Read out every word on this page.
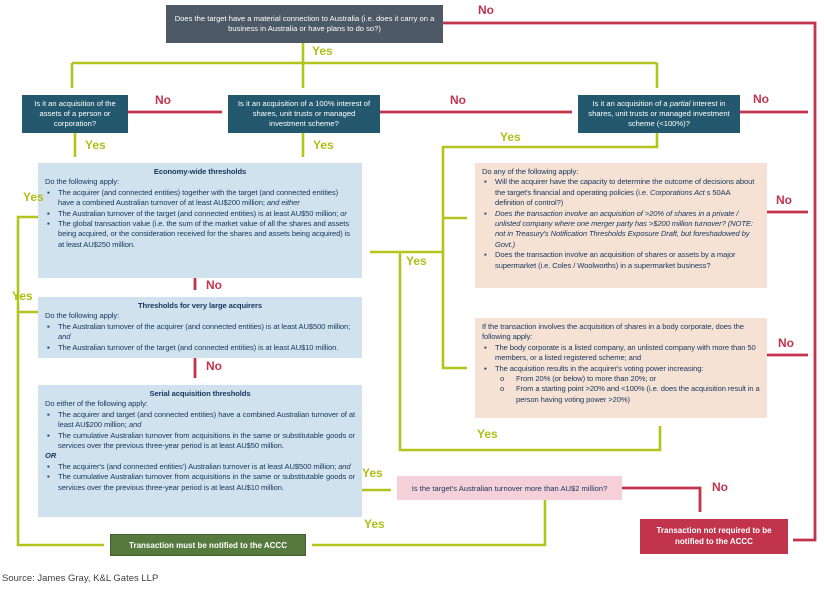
Does the target have a material connection to Australia (i.e. does it carry on a business in Australia or have plans to do so?)
Is it an acquisition of the assets of a person or corporation?
Is it an acquisition of a 100% interest of shares, unit trusts or managed investment scheme?
Is it an acquisition of a partial interest in shares, unit trusts or managed investment scheme (<100%)?
Economy-wide thresholds
Do the following apply:
▪	The acquirer (and connected entities) together with the target (and connected entities) have a combined Australian turnover of at least AU$200 million; and either
▪	The Australian turnover of the target (and connected entities) is at least AU$50 million; or
▪	The global transaction value (i.e. the sum of the market value of all the shares and assets being acquired, or the consideration received for the shares and assets being acquired) is at least AU$250 million.
Thresholds for very large acquirers
Do the following apply:
▪	The Australian turnover of the acquirer (and connected entities) is at least AU$500 million; and
▪	The Australian turnover of the target (and connected entities) is at least AU$10 million.
Serial acquisition thresholds
Do either of the following apply:
▪	The acquirer and target (and connected entities) have a combined Australian turnover of at least AU$200 million; and
▪	The cumulative Australian turnover from acquisitions in the same or substitutable goods or services over the previous three-year period is at least AU$50 million.
OR
▪	The acquirer's (and connected entities') Australian turnover is at least AU$500 million; and
▪	The cumulative Australian turnover from acquisitions in the same or substitutable goods or services over the previous three-year period is at least AU$10 million.
Do any of the following apply:
▪	Will the acquirer have the capacity to determine the outcome of decisions about the target's financial and operating policies (i.e. Corporations Act s 50AA definition of control?)
▪	Does the transaction involve an acquisition of >20% of shares in a private / unlisted company where one merger party has >$200 million turnover? (NOTE: not in Treasury's Notification Thresholds Exposure Draft, but foreshadowed by Govt.)
▪	Does the transaction involve an acquisition of shares or assets by a major supermarket (i.e. Coles / Woolworths) in a supermarket business?
If the transaction involves the acquisition of shares in a body corporate, does the following apply:
▪	The body corporate is a listed company, an unlisted company with more than 50 members, or a listed registered scheme; and
▪	The acquisition results in the acquirer's voting power increasing:
o	From 20% (or below) to more than 20%; or
o	From a starting point >20% and <100% (i.e. does the acquisition result in a person having voting power >20%)
Is the target's Australian turnover more than AU$2 million?
Transaction must be notified to the ACCC
Transaction not required to be notified to the ACCC
Yes
No
No	No	No
Yes	Yes
Yes
Yes
No
No
Yes
No
No
Yes
Yes
Yes
Yes
No
Source: James Gray, K&L Gates LLP
